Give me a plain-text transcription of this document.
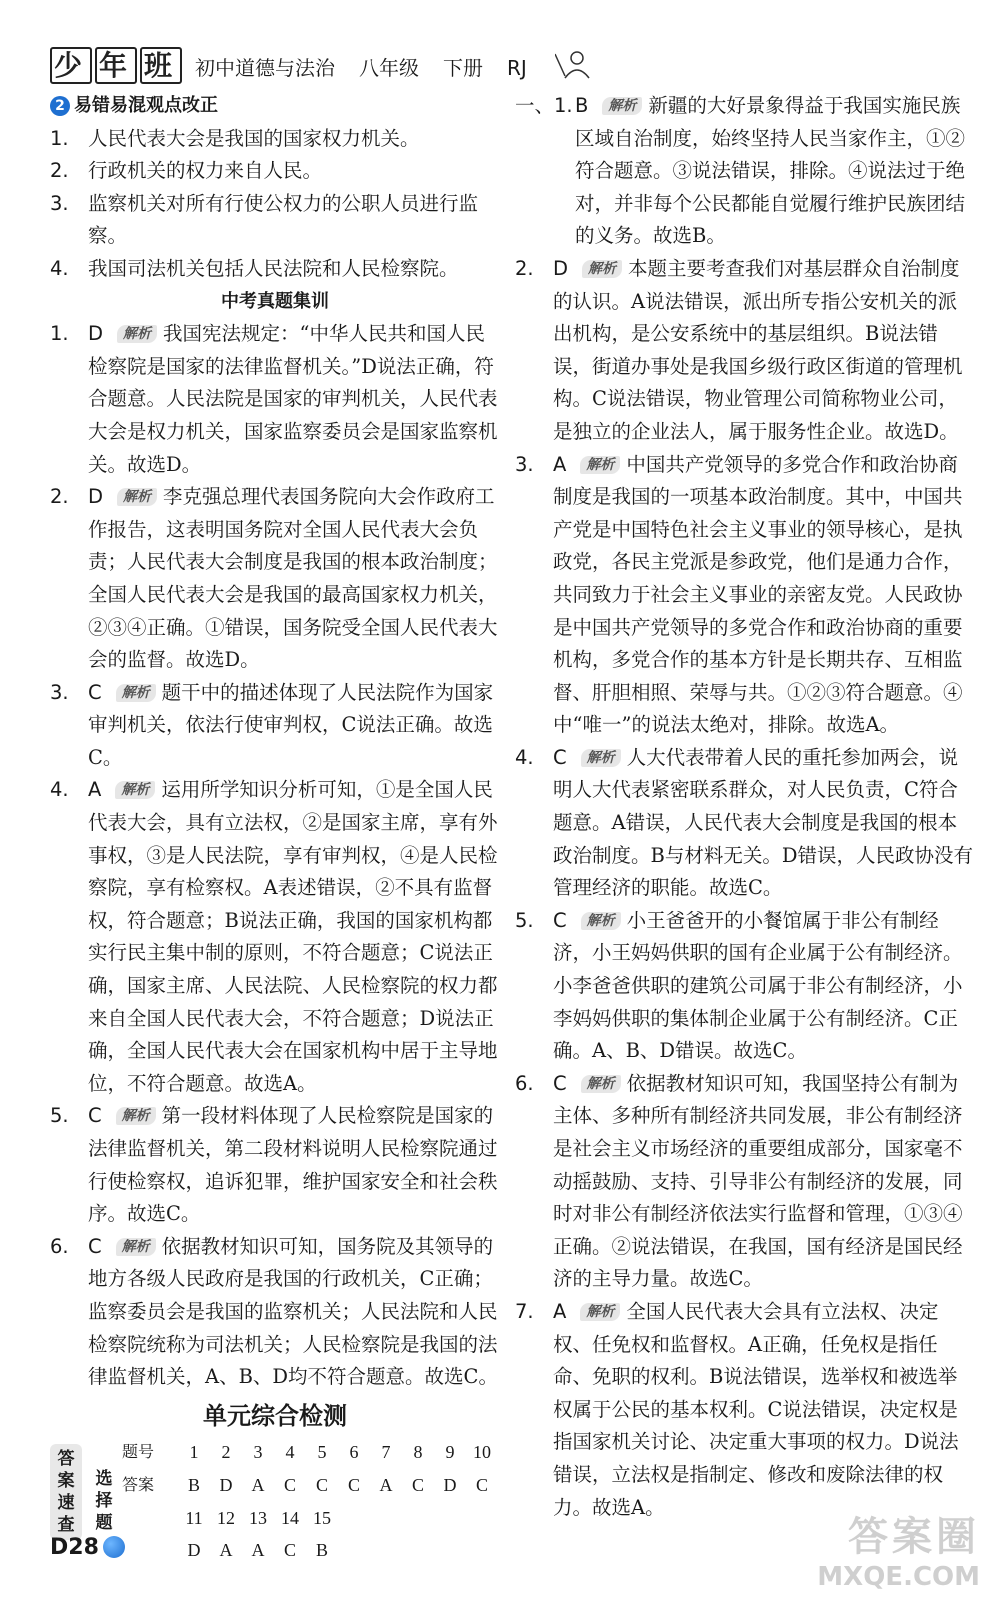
少 年 班 初中道德与法治 八年级 下册 RJ
2 易错易混观点改正
1. 人民代表大会是我国的国家权力机关。
2. 行政机关的权力来自人民。
3. 监察机关对所有行使公权力的公职人员进行监察。
4. 我国司法机关包括人民法院和人民检察院。
中考真题集训
1. D 解析 我国宪法规定：“中华人民共和国人民检察院是国家的法律监督机关。”D说法正确，符合题意。人民法院是国家的审判机关，人民代表大会是权力机关，国家监察委员会是国家监察机关。故选D。
2. D 解析 李克强总理代表国务院向大会作政府工作报告，这表明国务院对全国人民代表大会负责；人民代表大会制度是我国的根本政治制度；全国人民代表大会是我国的最高国家权力机关，②③④正确。①错误，国务院受全国人民代表大会的监督。故选D。
3. C 解析 题干中的描述体现了人民法院作为国家审判机关，依法行使审判权，C说法正确。故选C。
4. A 解析 运用所学知识分析可知，①是全国人民代表大会，具有立法权，②是国家主席，享有外事权，③是人民法院，享有审判权，④是人民检察院，享有检察权。A表述错误，②不具有监督权，符合题意；B说法正确，我国的国家机构都实行民主集中制的原则，不符合题意；C说法正确，国家主席、人民法院、人民检察院的权力都来自全国人民代表大会，不符合题意；D说法正确，全国人民代表大会在国家机构中居于主导地位，不符合题意。故选A。
5. C 解析 第一段材料体现了人民检察院是国家的法律监督机关，第二段材料说明人民检察院通过行使检察权，追诉犯罪，维护国家安全和社会秩序。故选C。
6. C 解析 依据教材知识可知，国务院及其领导的地方各级人民政府是我国的行政机关，C正确；监察委员会是我国的监察机关；人民法院和人民检察院统称为司法机关；人民检察院是我国的法律监督机关，A、B、D均不符合题意。故选C。
单元综合检测
答
案
速
查
选
择
题
题号	1	2	3	4	5	6	7	8	9	10
答案	B	D	A	C	C	C	A	C	D	C
	11	12	13	14	15					
	D	A	A	C	B					
一、1. B 解析 新疆的大好景象得益于我国实施民族区域自治制度，始终坚持人民当家作主，①②符合题意。③说法错误，排除。④说法过于绝对，并非每个公民都能自觉履行维护民族团结的义务。故选B。
2. D 解析 本题主要考查我们对基层群众自治制度的认识。A说法错误，派出所专指公安机关的派出机构，是公安系统中的基层组织。B说法错误，街道办事处是我国乡级行政区街道的管理机构。C说法错误，物业管理公司简称物业公司，是独立的企业法人，属于服务性企业。故选D。
3. A 解析 中国共产党领导的多党合作和政治协商制度是我国的一项基本政治制度。其中，中国共产党是中国特色社会主义事业的领导核心，是执政党，各民主党派是参政党，他们是通力合作，共同致力于社会主义事业的亲密友党。人民政协是中国共产党领导的多党合作和政治协商的重要机构，多党合作的基本方针是长期共存、互相监督、肝胆相照、荣辱与共。①②③符合题意。④中“唯一”的说法太绝对，排除。故选A。
4. C 解析 人大代表带着人民的重托参加两会，说明人大代表紧密联系群众，对人民负责，C符合题意。A错误，人民代表大会制度是我国的根本政治制度。B与材料无关。D错误，人民政协没有管理经济的职能。故选C。
5. C 解析 小王爸爸开的小餐馆属于非公有制经济，小王妈妈供职的国有企业属于公有制经济。小李爸爸供职的建筑公司属于非公有制经济，小李妈妈供职的集体制企业属于公有制经济。C正确。A、B、D错误。故选C。
6. C 解析 依据教材知识可知，我国坚持公有制为主体、多种所有制经济共同发展，非公有制经济是社会主义市场经济的重要组成部分，国家毫不动摇鼓励、支持、引导非公有制经济的发展，同时对非公有制经济依法实行监督和管理，①③④正确。②说法错误，在我国，国有经济是国民经济的主导力量。故选C。
7. A 解析 全国人民代表大会具有立法权、决定权、任免权和监督权。A正确，任免权是指任命、免职的权利。B说法错误，选举权和被选举权属于公民的基本权利。C说法错误，决定权是指国家机关讨论、决定重大事项的权力。D说法错误，立法权是指制定、修改和废除法律的权力。故选A。
D28	答案圈
MXQE.COM
